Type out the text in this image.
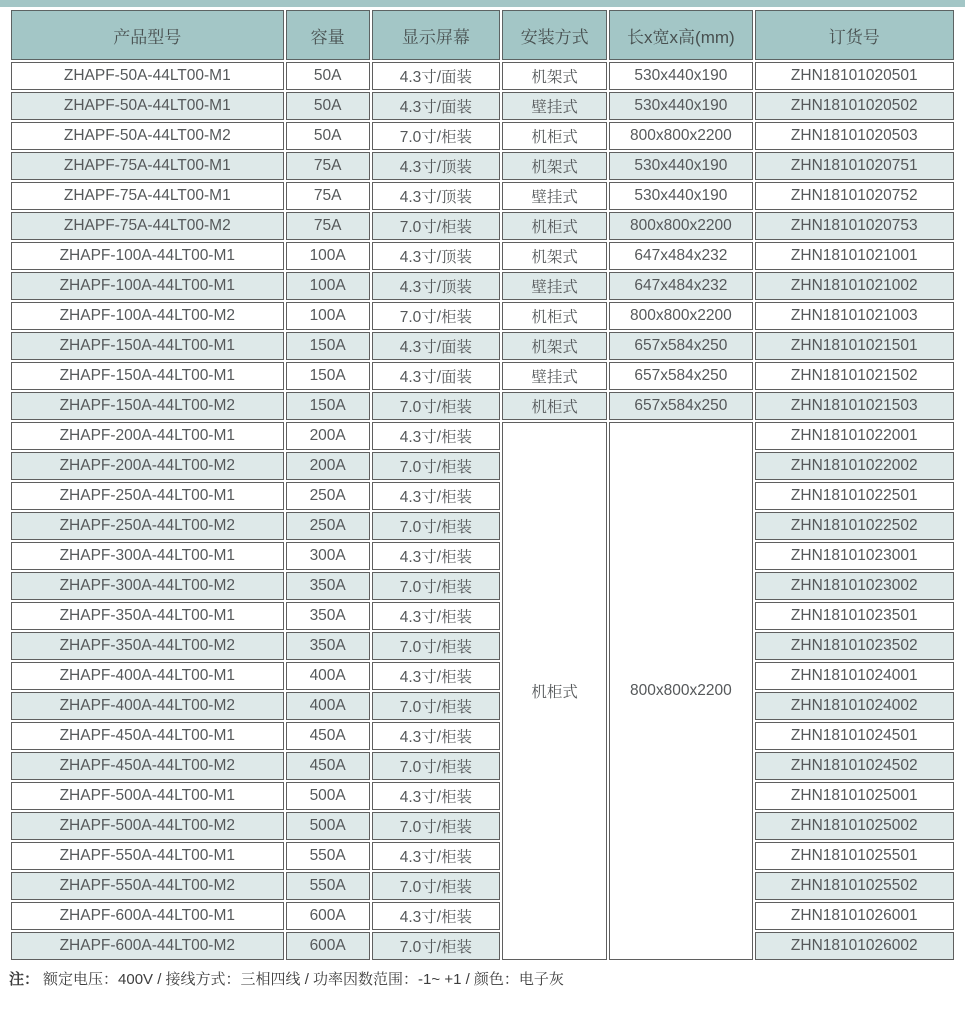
产品型号	容量	显示屏幕	安装方式	长x宽x高(mm)	订货号
ZHAPF-50A-44LT00-M1	50A	4.3寸/面装	机架式	530x440x190	ZHN18101020501
ZHAPF-50A-44LT00-M1	50A	4.3寸/面装	壁挂式	530x440x190	ZHN18101020502
ZHAPF-50A-44LT00-M2	50A	7.0寸/柜装	机柜式	800x800x2200	ZHN18101020503
ZHAPF-75A-44LT00-M1	75A	4.3寸/顶装	机架式	530x440x190	ZHN18101020751
ZHAPF-75A-44LT00-M1	75A	4.3寸/顶装	壁挂式	530x440x190	ZHN18101020752
ZHAPF-75A-44LT00-M2	75A	7.0寸/柜装	机柜式	800x800x2200	ZHN18101020753
ZHAPF-100A-44LT00-M1	100A	4.3寸/顶装	机架式	647x484x232	ZHN18101021001
ZHAPF-100A-44LT00-M1	100A	4.3寸/顶装	壁挂式	647x484x232	ZHN18101021002
ZHAPF-100A-44LT00-M2	100A	7.0寸/柜装	机柜式	800x800x2200	ZHN18101021003
ZHAPF-150A-44LT00-M1	150A	4.3寸/面装	机架式	657x584x250	ZHN18101021501
ZHAPF-150A-44LT00-M1	150A	4.3寸/面装	壁挂式	657x584x250	ZHN18101021502
ZHAPF-150A-44LT00-M2	150A	7.0寸/柜装	机柜式	657x584x250	ZHN18101021503
ZHAPF-200A-44LT00-M1	200A	4.3寸/柜装	机柜式	800x800x2200	ZHN18101022001
ZHAPF-200A-44LT00-M2	200A	7.0寸/柜装			ZHN18101022002
ZHAPF-250A-44LT00-M1	250A	4.3寸/柜装			ZHN18101022501
ZHAPF-250A-44LT00-M2	250A	7.0寸/柜装			ZHN18101022502
ZHAPF-300A-44LT00-M1	300A	4.3寸/柜装			ZHN18101023001
ZHAPF-300A-44LT00-M2	350A	7.0寸/柜装			ZHN18101023002
ZHAPF-350A-44LT00-M1	350A	4.3寸/柜装			ZHN18101023501
ZHAPF-350A-44LT00-M2	350A	7.0寸/柜装			ZHN18101023502
ZHAPF-400A-44LT00-M1	400A	4.3寸/柜装			ZHN18101024001
ZHAPF-400A-44LT00-M2	400A	7.0寸/柜装			ZHN18101024002
ZHAPF-450A-44LT00-M1	450A	4.3寸/柜装			ZHN18101024501
ZHAPF-450A-44LT00-M2	450A	7.0寸/柜装			ZHN18101024502
ZHAPF-500A-44LT00-M1	500A	4.3寸/柜装			ZHN18101025001
ZHAPF-500A-44LT00-M2	500A	7.0寸/柜装			ZHN18101025002
ZHAPF-550A-44LT00-M1	550A	4.3寸/柜装			ZHN18101025501
ZHAPF-550A-44LT00-M2	550A	7.0寸/柜装			ZHN18101025502
ZHAPF-600A-44LT00-M1	600A	4.3寸/柜装			ZHN18101026001
ZHAPF-600A-44LT00-M2	600A	7.0寸/柜装			ZHN18101026002

注： 额定电压：400V / 接线方式：三相四线 / 功率因数范围：-1~ +1 / 颜色：电子灰
